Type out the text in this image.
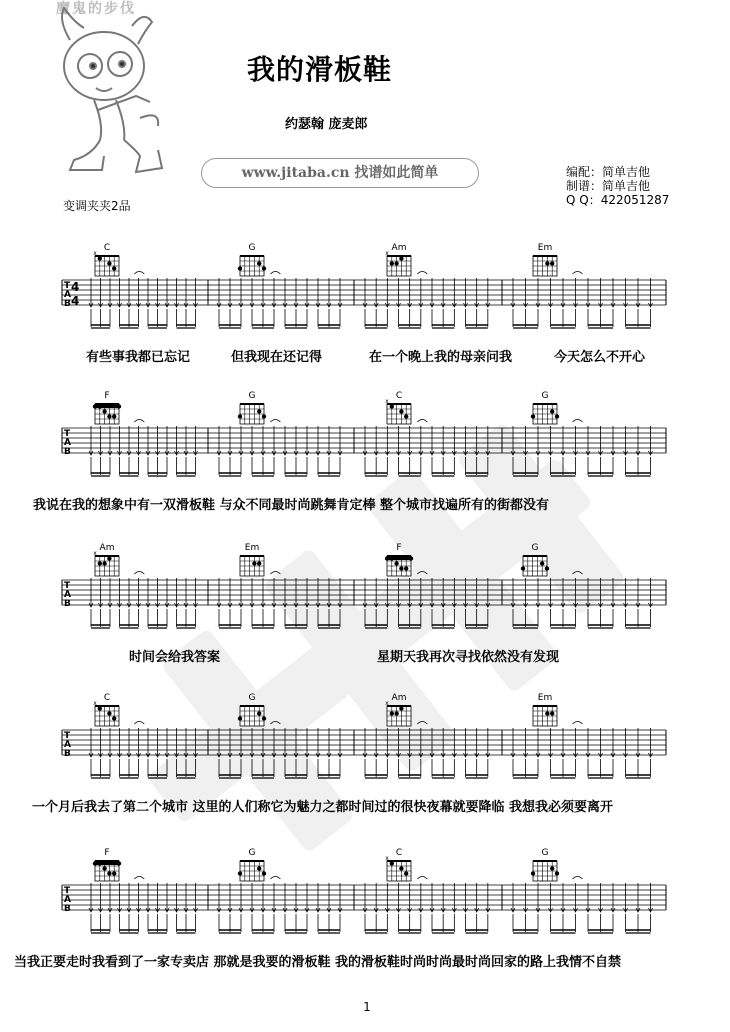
魔鬼的步伐
我的滑板鞋
约瑟翰 庞麦郎
www.jitaba.cn 找谱如此简单	编配：简单吉他
制谱：简单吉他
Q Q：422051287
变调夹夹2品
C
x
G	Am
x
Em
T
A
B
4
4
有些事我都已忘记	但我现在还记得	在一个晚上我的母亲问我	今天怎么不开心
F	G	C
x
G
T
A
B
我说在我的想象中有一双滑板鞋 与众不同最时尚跳舞肯定棒 整个城市找遍所有的街都没有
Am
x
Em	F	G
T
A
B
时间会给我答案	星期天我再次寻找依然没有发现
C
x
G	Am
x
Em
T
A
B
一个月后我去了第二个城市 这里的人们称它为魅力之都时间过的很快夜幕就要降临 我想我必须要离开
F	G	C
x
G
T
A
B
当我正要走时我看到了一家专卖店 那就是我要的滑板鞋 我的滑板鞋时尚时尚最时尚回家的路上我情不自禁
1
